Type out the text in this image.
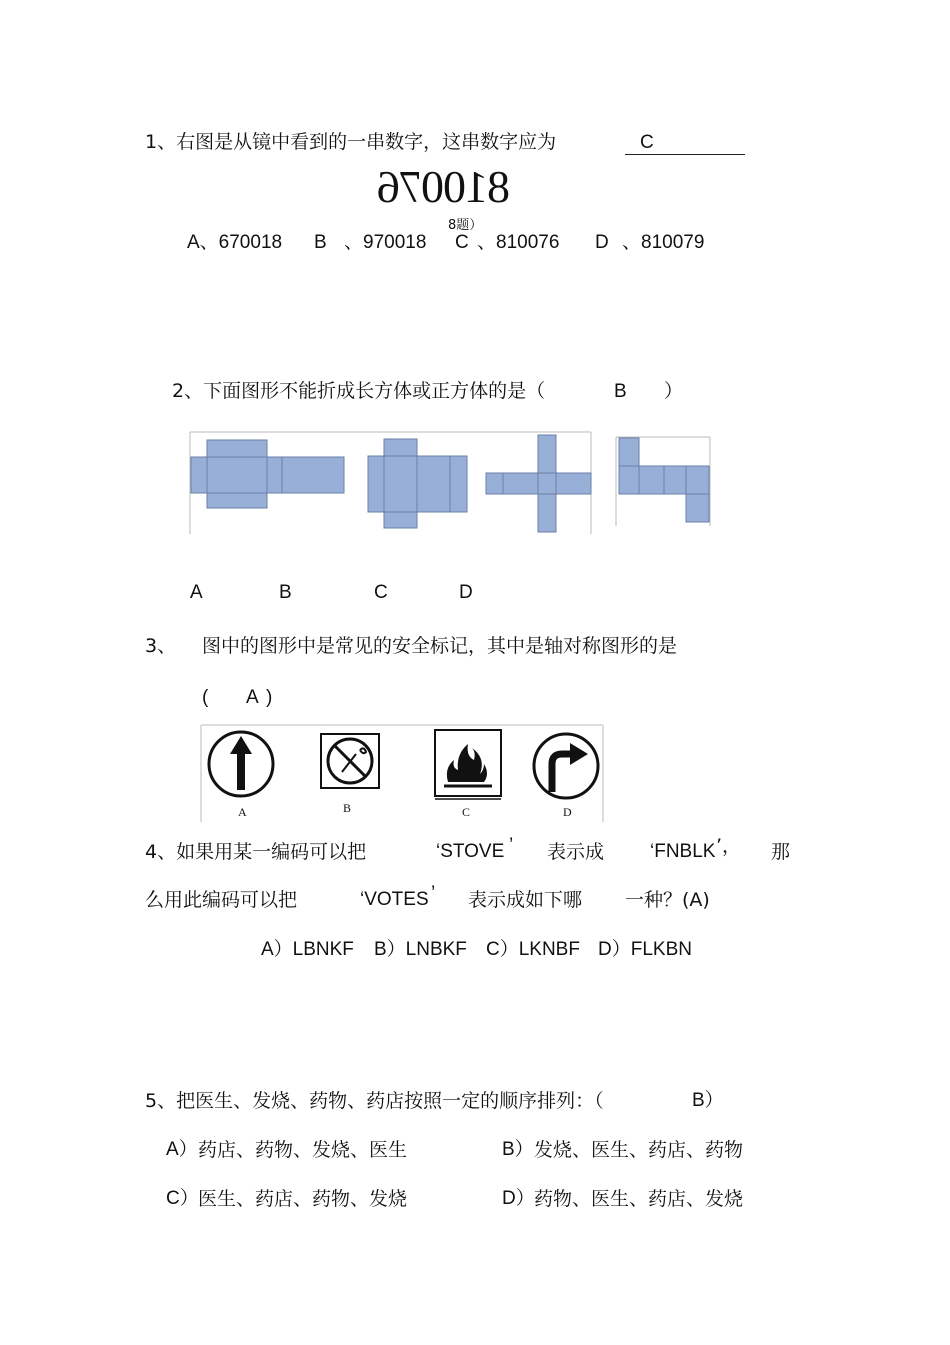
1、右图是从镜中看到的一串数字，这串数字应为	C
810076
8题）
A、670018 B 、970018 C 、810076 D 、810079
2、下面图形不能折成长方体或正方体的是（	B ）
A	B	C	D
3、 图中的图形中是常见的安全标记，其中是轴对称图形的是
( A )
A	B	C	D
4、如果用某一编码可以把	‘STOVE ’ 表示成 ‘FNBLK ’， 那
么用此编码可以把	‘VOTES ’ 表示成如下哪 一种？(A)
A）LBNKF B）LNBKF C）LKNBF D）FLKBN
5、把医生、发烧、药物、药店按照一定的顺序排列：（	B）
A） 药店、药物、发烧、医生	B） 发烧、医生、药店、药物
C） 医生、药店、药物、发烧	D） 药物、医生、药店、发烧
